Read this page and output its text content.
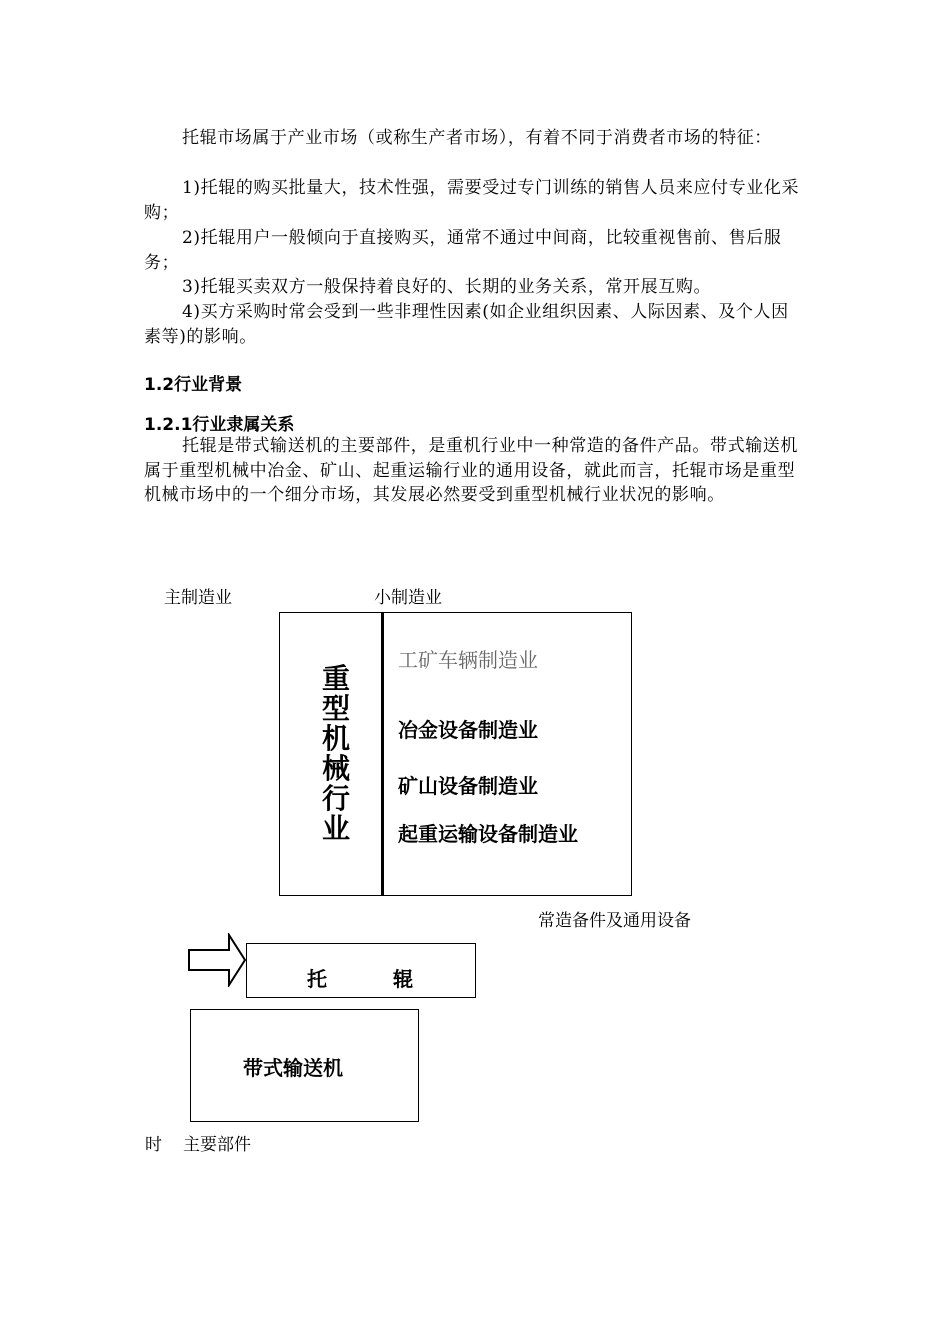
托辊市场属于产业市场（或称生产者市场），有着不同于消费者市场的特征：

1)托辊的购买批量大，技术性强，需要受过专门训练的销售人员来应付专业化采购；

2)托辊用户一般倾向于直接购买，通常不通过中间商，比较重视售前、售后服务；

3)托辊买卖双方一般保持着良好的、长期的业务关系，常开展互购。

4)买方采购时常会受到一些非理性因素(如企业组织因素、人际因素、及个人因素等)的影响。

1.2行业背景
1.2.1行业隶属关系

托辊是带式输送机的主要部件，是重机行业中一种常造的备件产品。带式输送机属于重型机械中冶金、矿山、起重运输行业的通用设备，就此而言，托辊市场是重型机械市场中的一个细分市场，其发展必然要受到重型机械行业状况的影响。

主制造业	小制造业
重型机械行业
工矿车辆制造业
冶金设备制造业
矿山设备制造业
起重运输设备制造业
常造备件及通用设备
托	辊
带式输送机
时 主要部件
